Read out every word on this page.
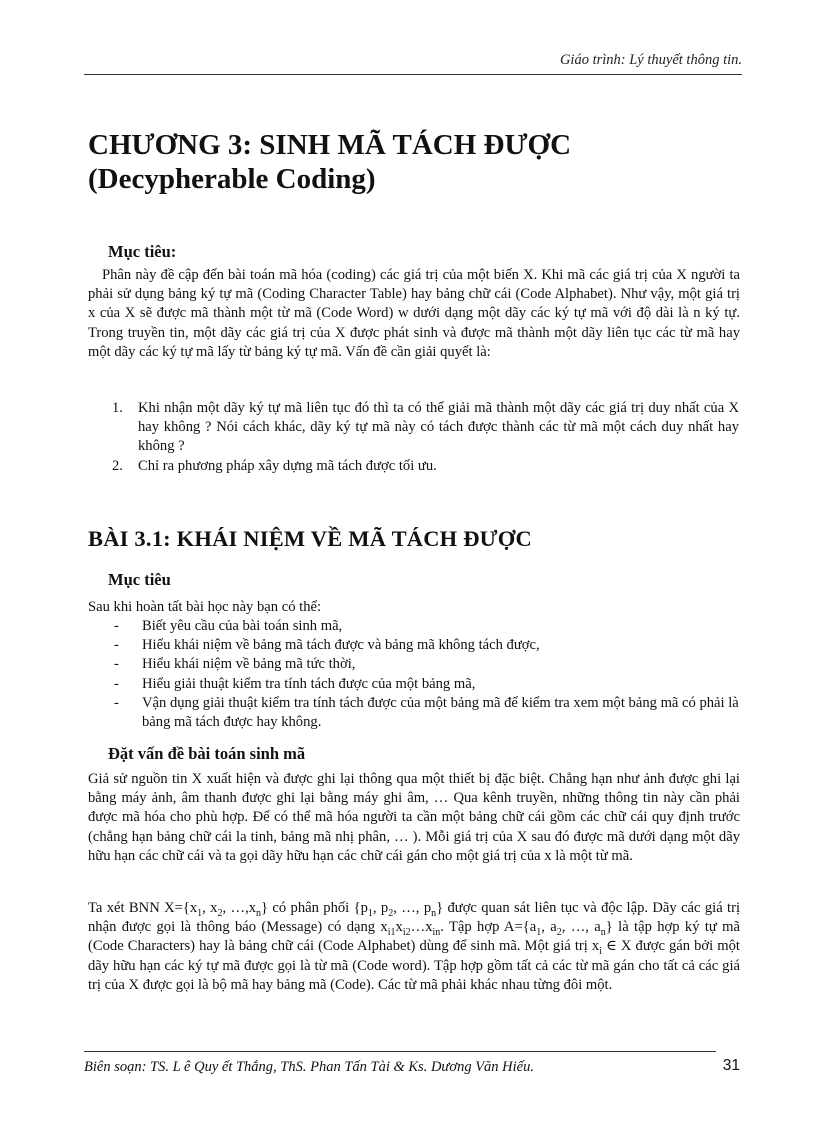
Giáo trình: Lý thuyết thông tin.
CHƯƠNG 3: SINH MÃ TÁCH ĐƯỢC
(Decypherable Coding)
Mục tiêu:

Phân này đề cập đến bài toán mã hóa (coding) các giá trị của một biến X. Khi mã các giá trị của X người ta phải sử dụng bảng ký tự mã (Coding Character Table) hay bảng chữ cái (Code Alphabet). Như vậy, một giá trị x của X sẽ được mã thành một từ mã (Code Word) w dưới dạng một dãy các ký tự mã với độ dài là n ký tự. Trong truyền tin, một dãy các giá trị của X được phát sinh và được mã thành một dãy liên tục các từ mã hay một dãy các ký tự mã lấy từ bảng ký tự mã. Vấn đề cần giải quyết là:

1. Khi nhận một dãy ký tự mã liên tục đó thì ta có thể giải mã thành một dãy các giá trị duy nhất của X hay không ? Nói cách khác, dãy ký tự mã này có tách được thành các từ mã một cách duy nhất hay không ?
2. Chỉ ra phương pháp xây dựng mã tách được tối ưu.
BÀI 3.1: KHÁI NIỆM VỀ MÃ TÁCH ĐƯỢC
Mục tiêu

Sau khi hoàn tất bài học này bạn có thể:

- Biết yêu cầu của bài toán sinh mã,
- Hiểu khái niệm về bảng mã tách được và bảng mã không tách được,
- Hiểu khái niệm về bảng mã tức thời,
- Hiểu giải thuật kiểm tra tính tách được của một bảng mã,
- Vận dụng giải thuật kiểm tra tính tách được của một bảng mã để kiểm tra xem một bảng mã có phải là bảng mã tách được hay không.
Đặt vấn đề bài toán sinh mã

Giả sử nguồn tin X xuất hiện và được ghi lại thông qua một thiết bị đặc biệt. Chẳng hạn như ảnh được ghi lại bằng máy ảnh, âm thanh được ghi lại bằng máy ghi âm, … Qua kênh truyền, những thông tin này cần phải được mã hóa cho phù hợp. Để có thể mã hóa người ta cần một bảng chữ cái gồm các chữ cái quy định trước (chẳng hạn bảng chữ cái la tinh, bảng mã nhị phân, … ). Mỗi giá trị của X sau đó được mã dưới dạng một dãy hữu hạn các chữ cái và ta gọi dãy hữu hạn các chữ cái gán cho một giá trị của x là một từ mã.

Ta xét BNN $X=\{x_1$, $x_2$, $\dots,x_n$} có phân phối {$p_1$, $p_2$, …, $p_n$} được quan sát liên tục và độc lập. Dãy các giá trị nhận được gọi là thông báo (Message) có dạng $x_{i1}x_{i2}\dots x_{in}$. Tập hợp $A=\{a_1$, $a_2$, …, $a_n$} là tập hợp ký tự mã (Code Characters) hay là bảng chữ cái (Code Alphabet) dùng để sinh mã. Một giá trị $x_i$ ∈ X được gán bởi một dãy hữu hạn các ký tự mã được gọi là từ mã (Code word). Tập hợp gồm tất cả các từ mã gán cho tất cả các giá trị của X được gọi là bộ mã hay bảng mã (Code). Các từ mã phải khác nhau từng đôi một.

Biên soạn: TS. L ê Quy ết Thắng, ThS. Phan Tấn Tài & Ks. Dương Văn Hiếu.	31
